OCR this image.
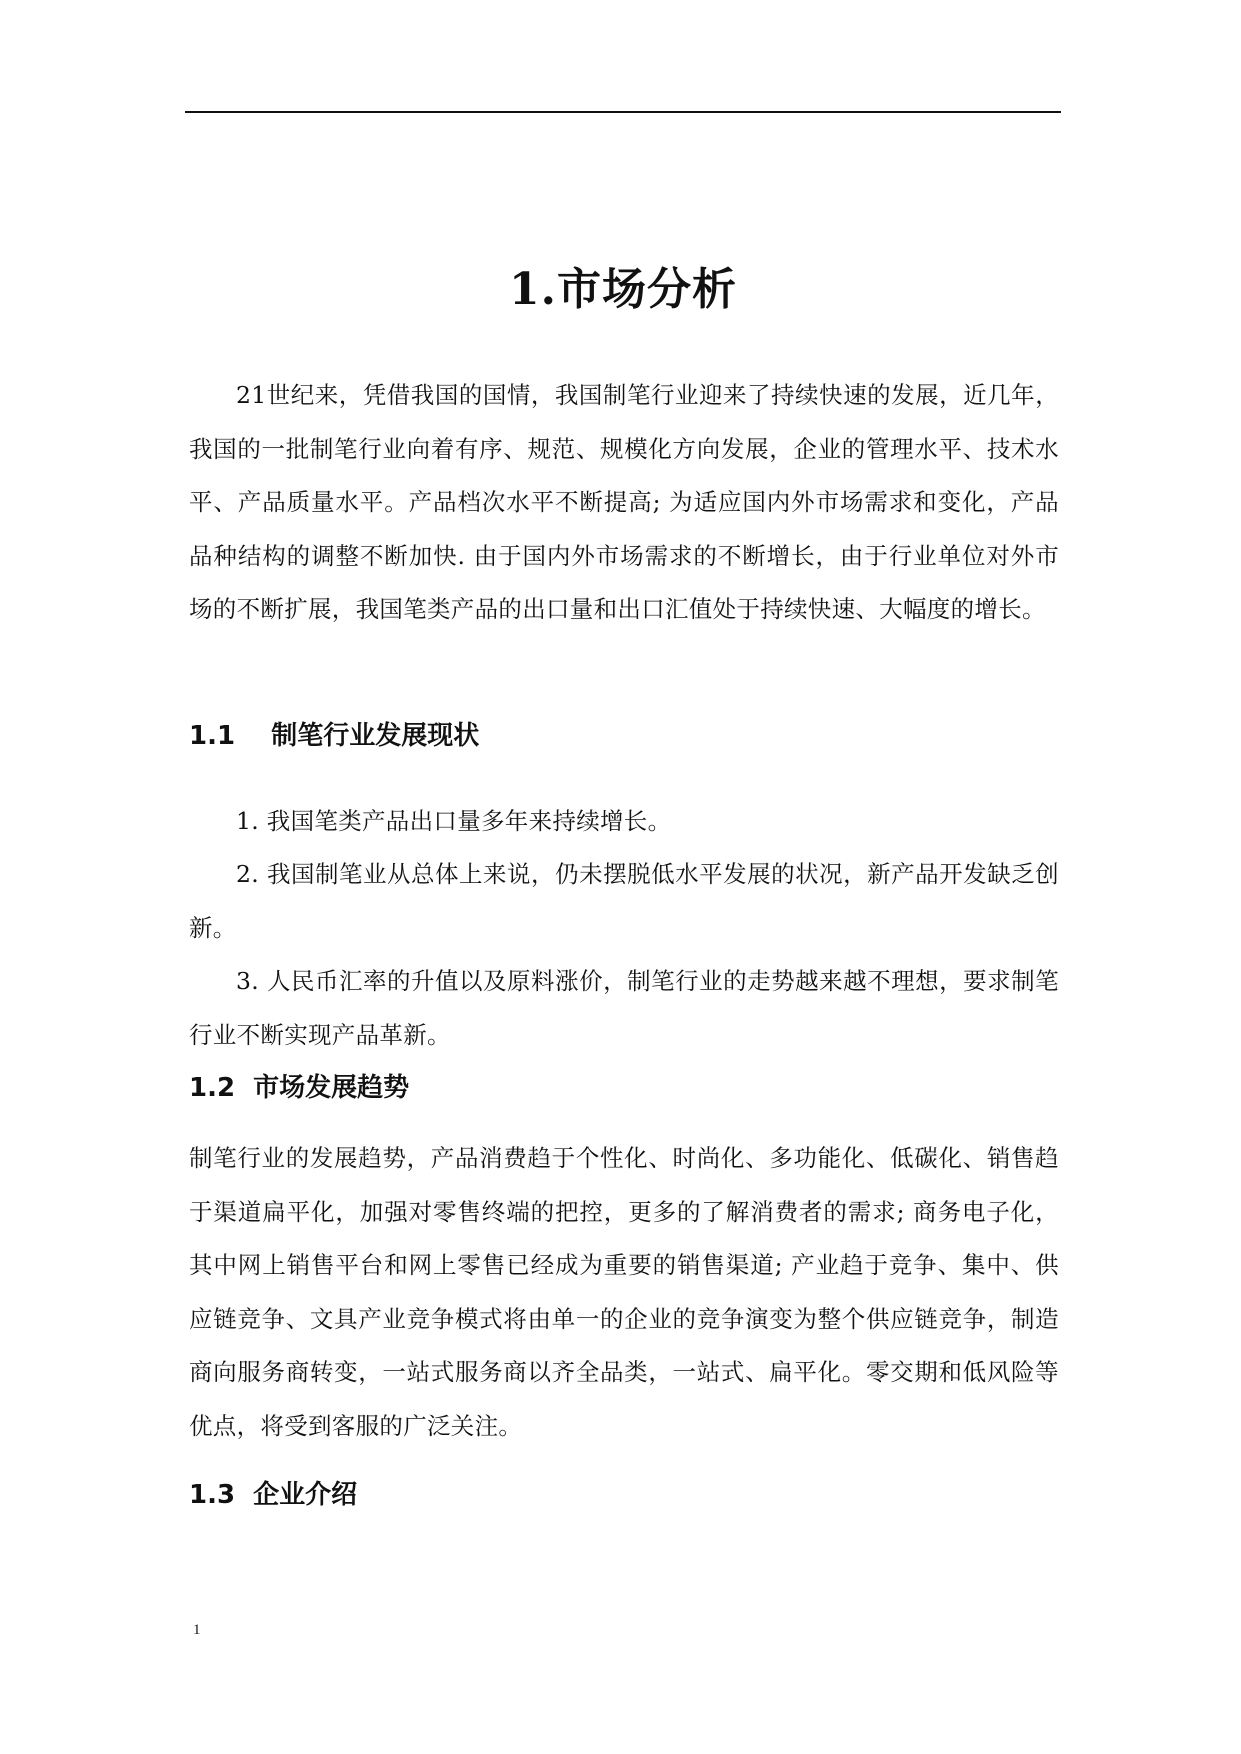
1.市场分析

21世纪来，凭借我国的国情，我国制笔行业迎来了持续快速的发展，近几年，我国的一批制笔行业向着有序、规范、规模化方向发展，企业的管理水平、技术水平、产品质量水平。产品档次水平不断提高; 为适应国内外市场需求和变化，产品品种结构的调整不断加快. 由于国内外市场需求的不断增长，由于行业单位对外市场的不断扩展，我国笔类产品的出口量和出口汇值处于持续快速、大幅度的增长。

1.1    制笔行业发展现状

1. 我国笔类产品出口量多年来持续增长。

2. 我国制笔业从总体上来说，仍未摆脱低水平发展的状况，新产品开发缺乏创新。

3. 人民币汇率的升值以及原料涨价，制笔行业的走势越来越不理想，要求制笔行业不断实现产品革新。

1.2  市场发展趋势

制笔行业的发展趋势，产品消费趋于个性化、时尚化、多功能化、低碳化、销售趋于渠道扁平化，加强对零售终端的把控，更多的了解消费者的需求; 商务电子化，其中网上销售平台和网上零售已经成为重要的销售渠道; 产业趋于竞争、集中、供应链竞争、文具产业竞争模式将由单一的企业的竞争演变为整个供应链竞争，制造商向服务商转变，一站式服务商以齐全品类，一站式、扁平化。零交期和低风险等优点，将受到客服的广泛关注。

1.3  企业介绍
1
